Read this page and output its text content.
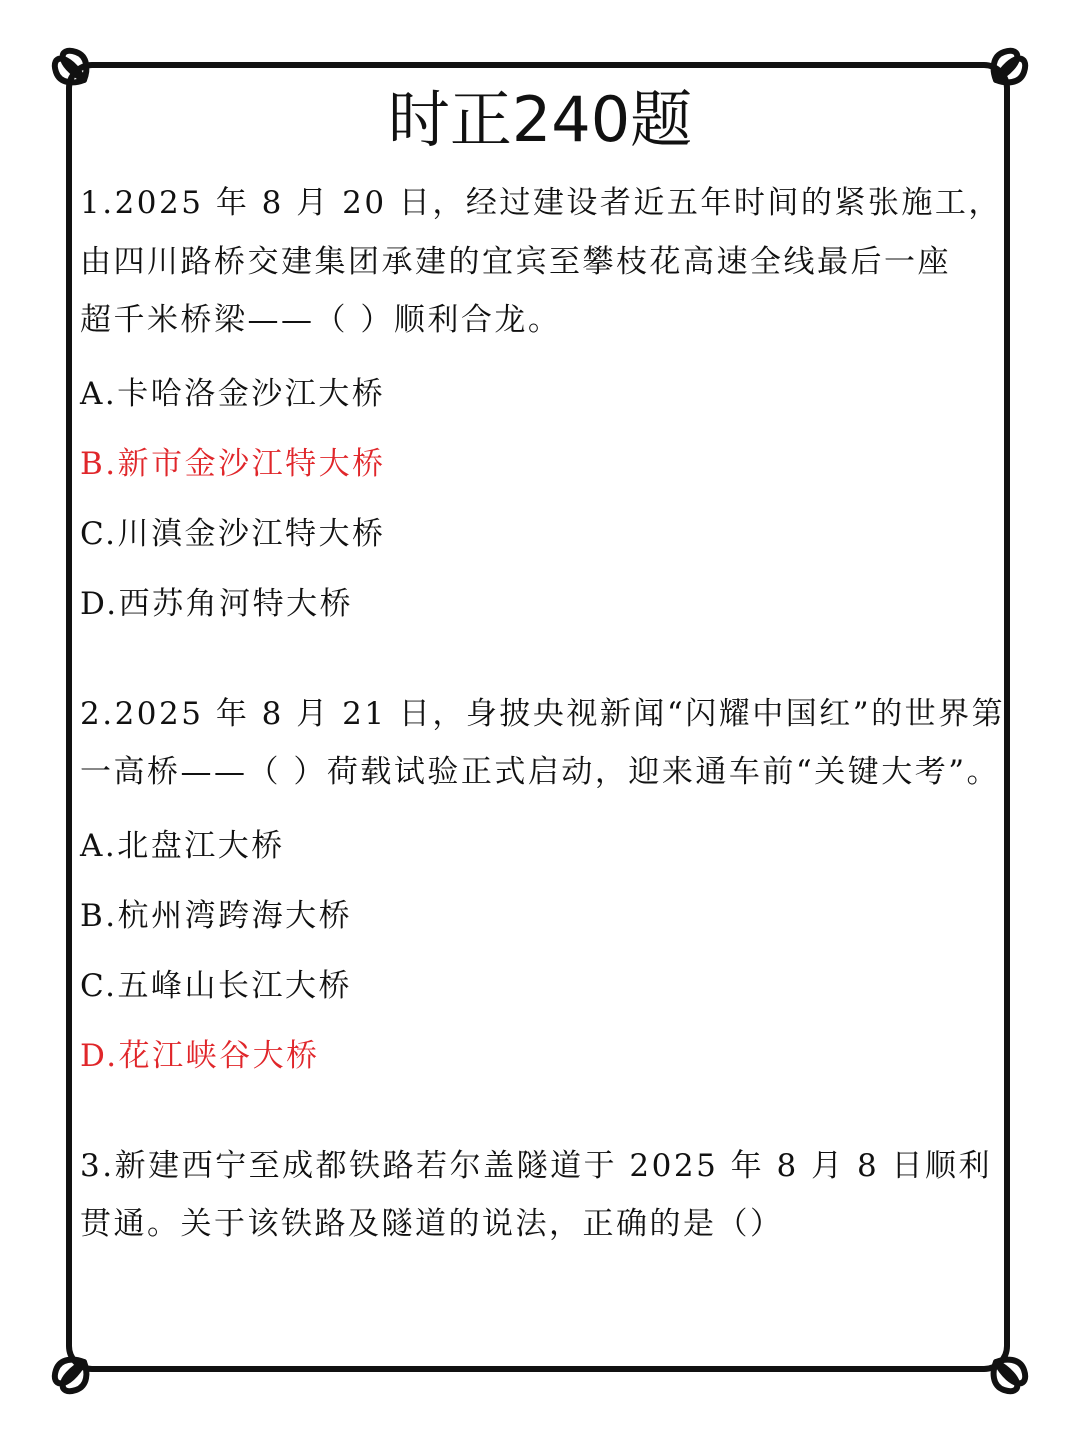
时正240题

1.2025 年 8 月 20 日，经过建设者近五年时间的紧张施工，
由四川路桥交建集团承建的宜宾至攀枝花高速全线最后一座
超千米桥梁——（ ）顺利合龙。

A.卡哈洛金沙江大桥

B.新市金沙江特大桥

C.川滇金沙江特大桥

D.西苏角河特大桥

2.2025 年 8 月 21 日，身披央视新闻“闪耀中国红”的世界第
一高桥——（ ）荷载试验正式启动，迎来通车前“关键大考”。

A.北盘江大桥

B.杭州湾跨海大桥

C.五峰山长江大桥

D.花江峡谷大桥

3.新建西宁至成都铁路若尔盖隧道于 2025 年 8 月 8 日顺利
贯通。关于该铁路及隧道的说法，正确的是（）
